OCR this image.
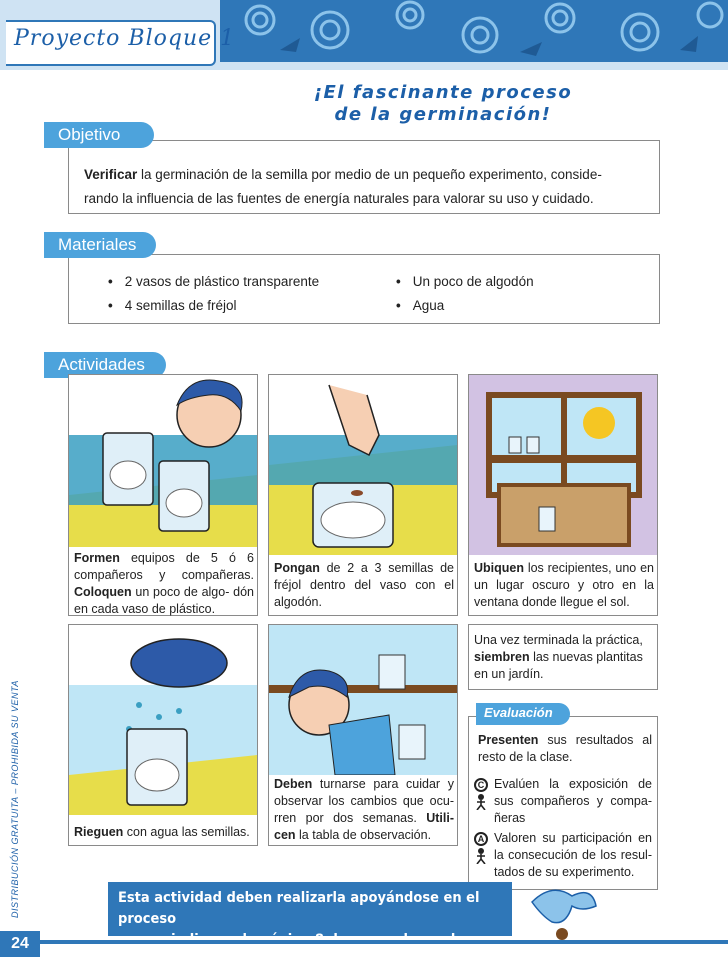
Proyecto Bloque 1
¡El fascinante proceso
de la germinación!
Objetivo
Verificar la germinación de la semilla por medio de un pequeño experimento, conside-
rando la influencia de las fuentes de energía naturales para valorar su uso y cuidado.
Materiales
• 2 vasos de plástico transparente
• 4 semillas de fréjol
• Un poco de algodón
• Agua
Actividades
Formen equipos de 5 ó 6 compañeros y compañeras. Coloquen un poco de algo- dón en cada vaso de plástico.
Pongan de 2 a 3 semillas de fréjol dentro del vaso con el algodón.
Ubiquen los recipientes, uno en un lugar oscuro y otro en la ventana donde llegue el sol.
Rieguen con agua las semillas.
Deben turnarse para cuidar y observar los cambios que ocu- rren por dos semanas. Utili- cen la tabla de observación.
Una vez terminada la práctica, siembren las nuevas plantitas en un jardín.
Evaluación
Presenten sus resultados al resto de la clase.
C Evalúen la exposición de sus compañeros y compa- ñeras
A Valoren su participación en la consecución de los resul- tados de su experimento.
Esta actividad deben realizarla apoyándose en el proceso
actividades.
24
DISTRIBUCIÓN GRATUITA – PROHIBIDA SU VENTA
